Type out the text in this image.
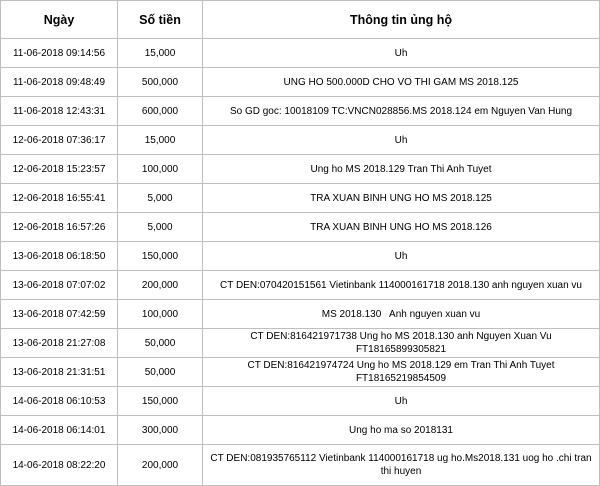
Ngày	Số tiền	Thông tin ủng hộ
11-06-2018 09:14:56	15,000	Uh
11-06-2018 09:48:49	500,000	UNG HO 500.000D CHO VO THI GAM MS 2018.125
11-06-2018 12:43:31	600,000	So GD goc: 10018109 TC:VNCN028856.MS 2018.124 em Nguyen Van Hung
12-06-2018 07:36:17	15,000	Uh
12-06-2018 15:23:57	100,000	Ung ho MS 2018.129 Tran Thi Anh Tuyet
12-06-2018 16:55:41	5,000	TRA XUAN BINH UNG HO MS 2018.125
12-06-2018 16:57:26	5,000	TRA XUAN BINH UNG HO MS 2018.126
13-06-2018 06:18:50	150,000	Uh
13-06-2018 07:07:02	200,000	CT DEN:070420151561 Vietinbank 114000161718 2018.130 anh nguyen xuan vu
13-06-2018 07:42:59	100,000	MS 2018.130   Anh nguyen xuan vu
13-06-2018 21:27:08	50,000	CT DEN:816421971738 Ung ho MS 2018.130 anh Nguyen Xuan Vu FT18165899305821
13-06-2018 21:31:51	50,000	CT DEN:816421974724 Ung ho MS 2018.129 em Tran Thi Anh Tuyet FT18165219854509
14-06-2018 06:10:53	150,000	Uh
14-06-2018 06:14:01	300,000	Ung ho ma so 2018131
14-06-2018 08:22:20	200,000	CT DEN:081935765112 Vietinbank 114000161718 ug ho.Ms2018.131 uog ho .chi tran thi huyen
